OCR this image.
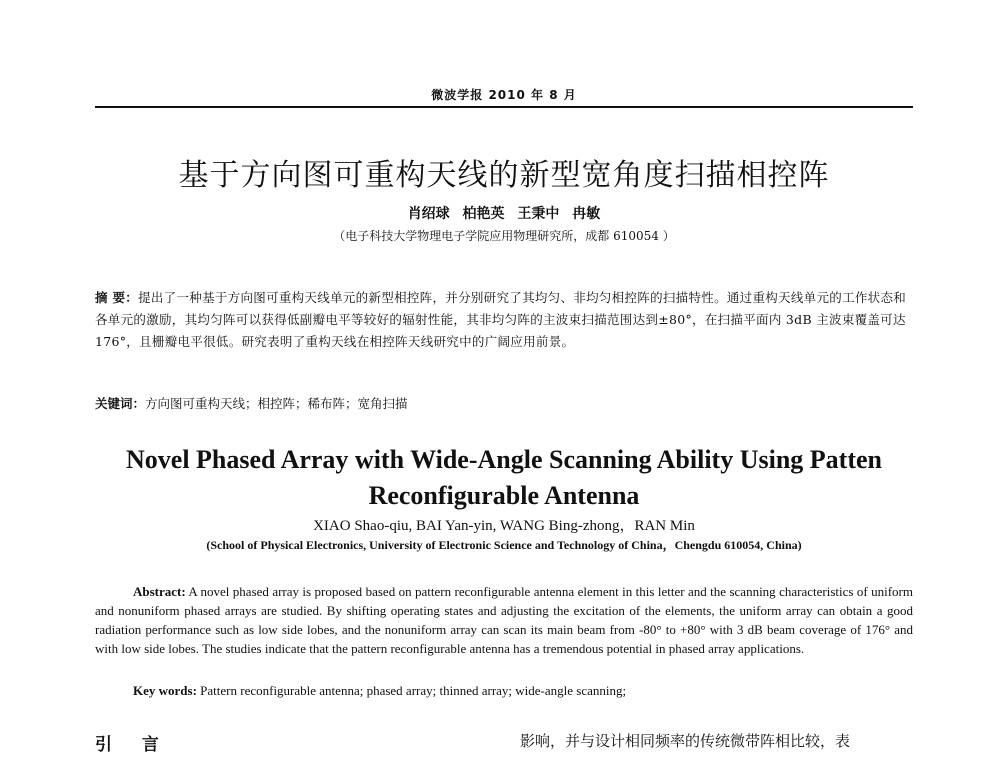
微波学报 2010 年 8 月
基于方向图可重构天线的新型宽角度扫描相控阵
肖绍球 柏艳英 王秉中 冉敏
（电子科技大学物理电子学院应用物理研究所，成都 610054 ）
摘 要：提出了一种基于方向图可重构天线单元的新型相控阵，并分别研究了其均匀、非均匀相控阵的扫描特性。通过重构天线单元的工作状态和各单元的激励，其均匀阵可以获得低副瓣电平等较好的辐射性能，其非均匀阵的主波束扫描范围达到±80°，在扫描平面内 3dB 主波束覆盖可达 176°，且栅瓣电平很低。研究表明了重构天线在相控阵天线研究中的广阔应用前景。
关键词：方向图可重构天线；相控阵；稀布阵；宽角扫描
Novel Phased Array with Wide-Angle Scanning Ability Using Patten Reconfigurable Antenna
XIAO Shao-qiu, BAI Yan-yin, WANG Bing-zhong，RAN Min
(School of Physical Electronics, University of Electronic Science and Technology of China，Chengdu 610054, China)
Abstract: A novel phased array is proposed based on pattern reconfigurable antenna element in this letter and the scanning characteristics of uniform and nonuniform phased arrays are studied. By shifting operating states and adjusting the excitation of the elements, the uniform array can obtain a good radiation performance such as low side lobes, and the nonuniform array can scan its main beam from -80° to +80° with 3 dB beam coverage of 176° and with low side lobes. The studies indicate that the pattern reconfigurable antenna has a tremendous potential in phased array applications.
Key words: Pattern reconfigurable antenna; phased array; thinned array; wide-angle scanning;
引 言	影响，并与设计相同频率的传统微带阵相比较，表
